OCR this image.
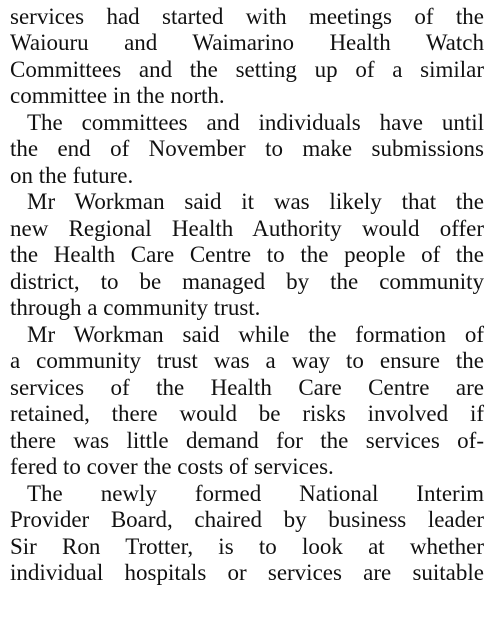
services had started with meetings of the
Waiouru and Waimarino Health Watch
Committees and the setting up of a similar
committee in the north.
The committees and individuals have until
the end of November to make submissions
on the future.
Mr Workman said it was likely that the
new Regional Health Authority would offer
the Health Care Centre to the people of the
district, to be managed by the community
through a community trust.
Mr Workman said while the formation of
a community trust was a way to ensure the
services of the Health Care Centre are
retained, there would be risks involved if
there was little demand for the services of-
fered to cover the costs of services.
The newly formed National Interim
Provider Board, chaired by business leader
Sir Ron Trotter, is to look at whether
individual hospitals or services are suitable
